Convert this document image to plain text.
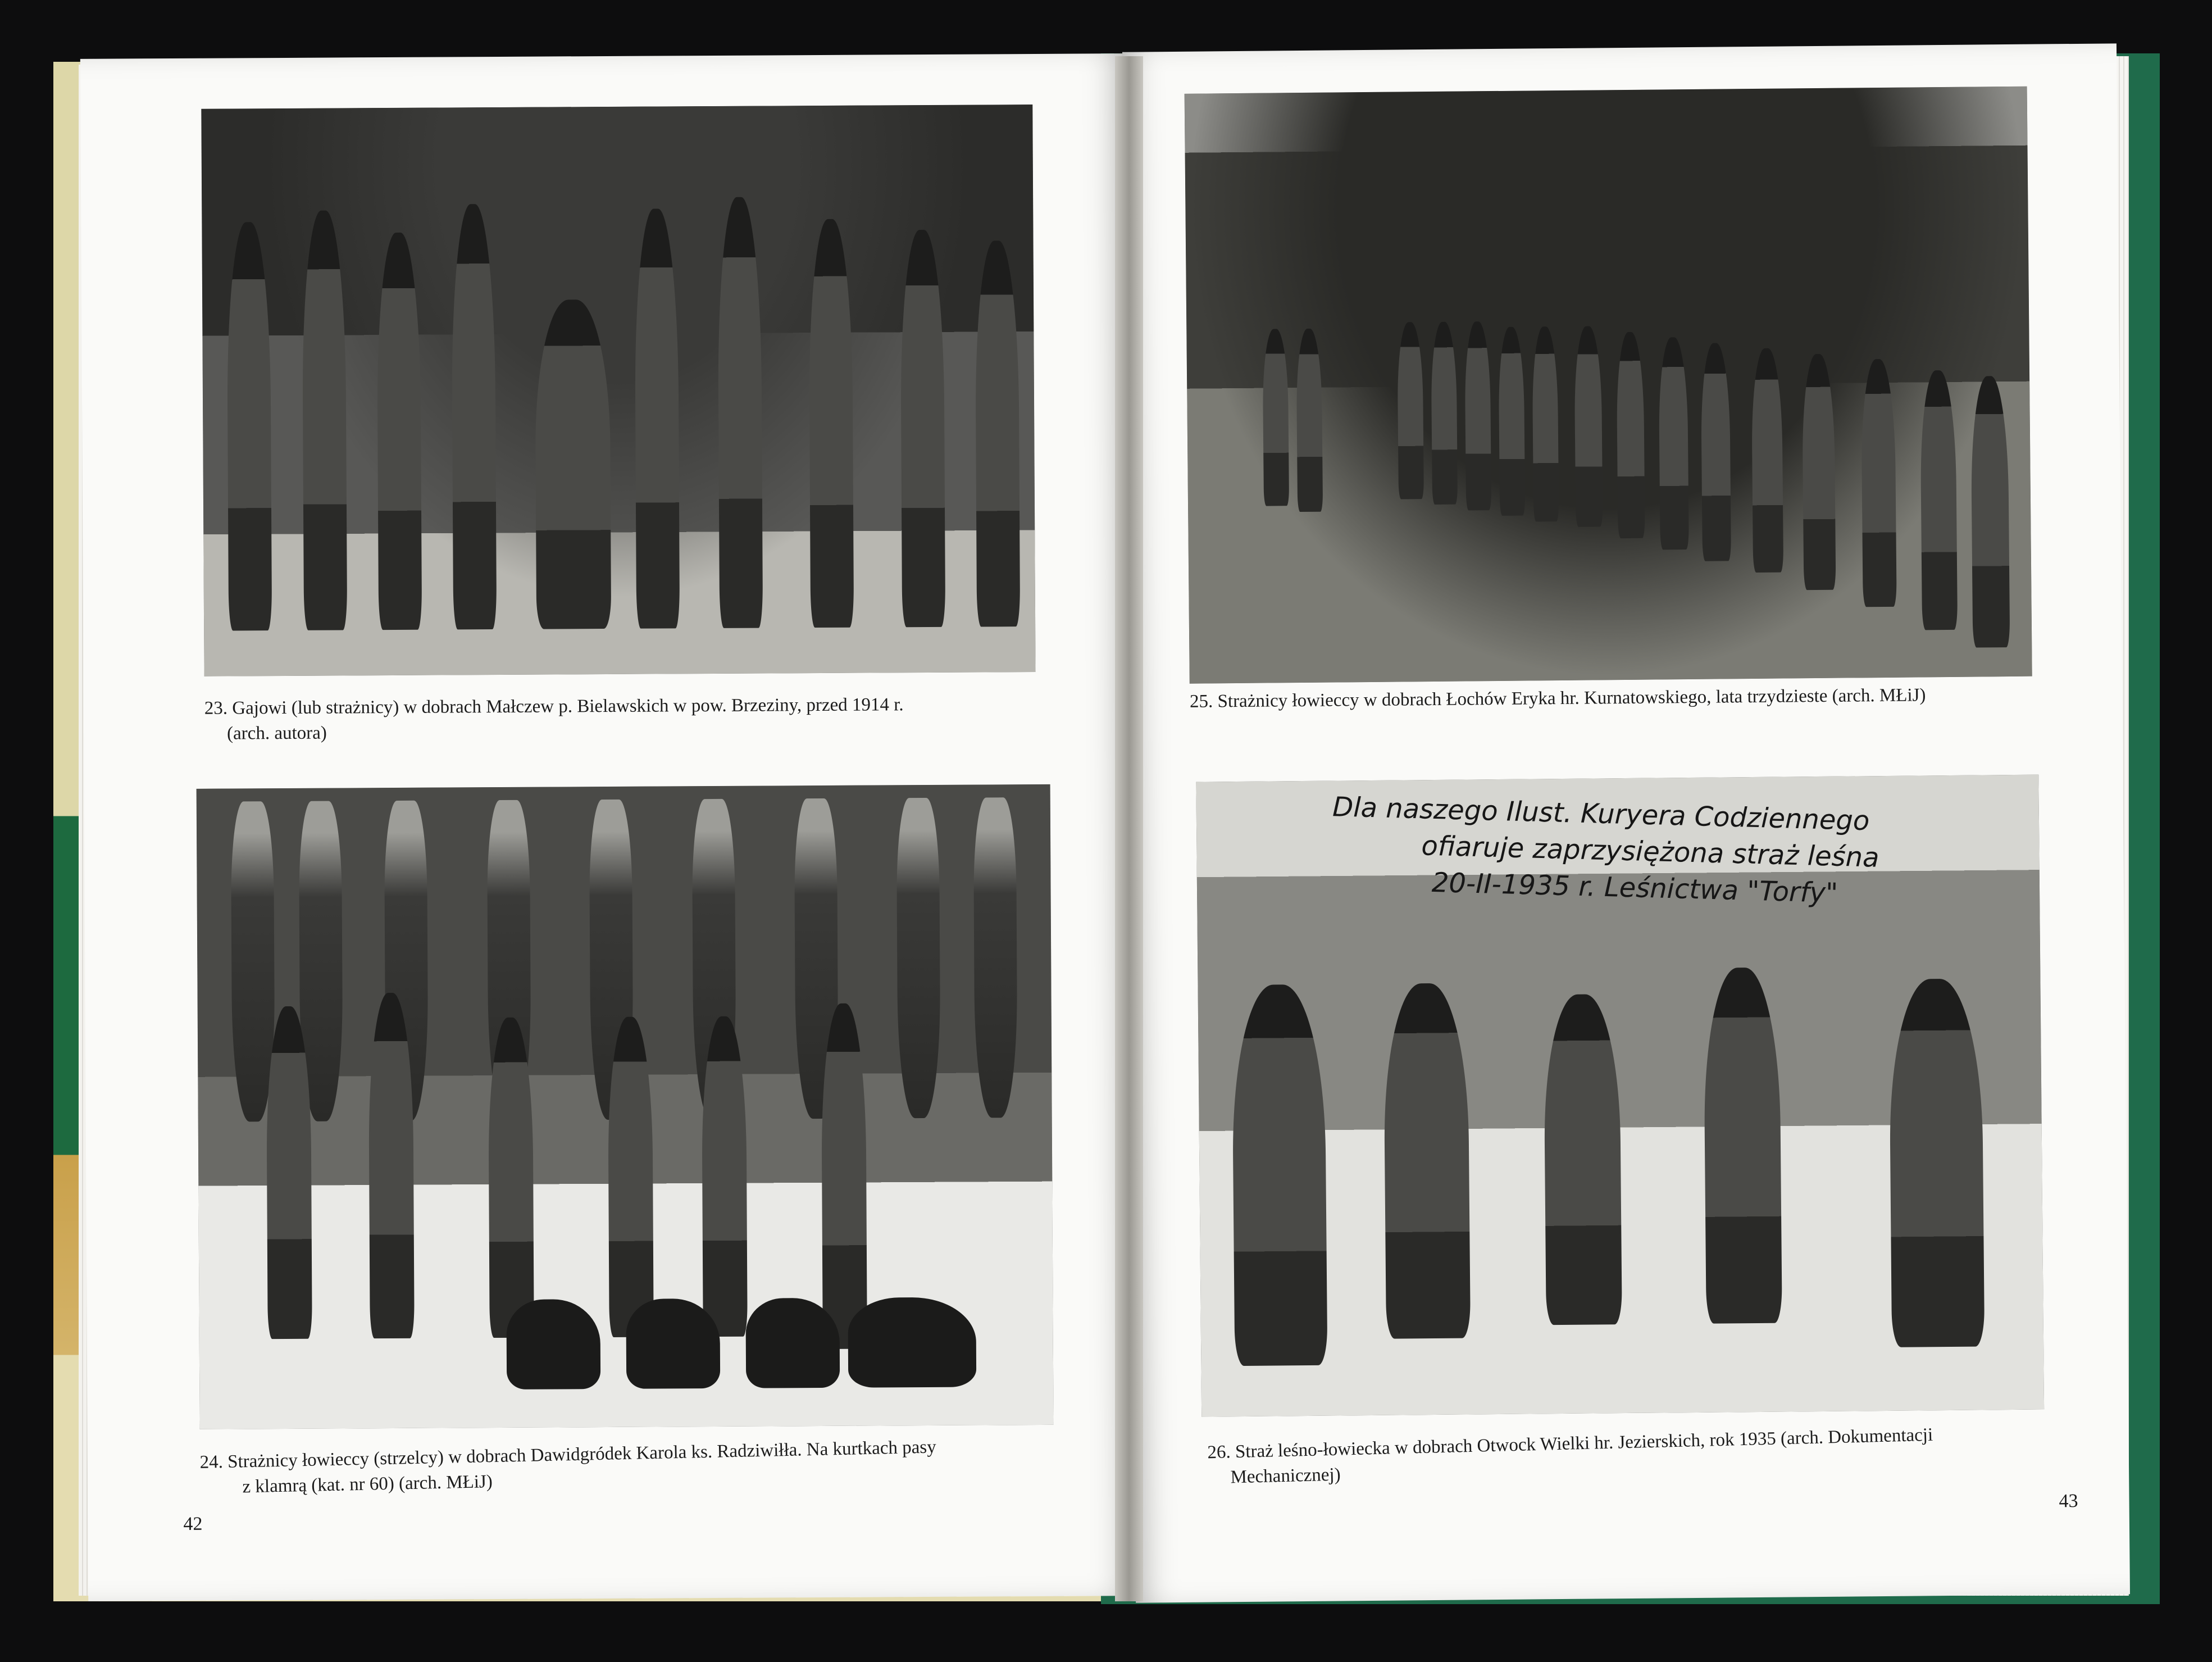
23. Gajowi (lub strażnicy) w dobrach Małczew p. Bielawskich w pow. Brzeziny, przed 1914 r.
(arch. autora)
24. Strażnicy łowieccy (strzelcy) w dobrach Dawidgródek Karola ks. Radziwiłła. Na kurtkach pasy
z klamrą (kat. nr 60) (arch. MŁiJ)
42
25. Strażnicy łowieccy w dobrach Łochów Eryka hr. Kurnatowskiego, lata trzydzieste (arch. MŁiJ)
Dla naszego Ilust. Kuryera Codziennego
ofiaruje zaprzysiężona straż leśna
20-II-1935 r. Leśnictwa "Torfy"
26. Straż leśno-łowiecka w dobrach Otwock Wielki hr. Jezierskich, rok 1935 (arch. Dokumentacji
Mechanicznej)
43
